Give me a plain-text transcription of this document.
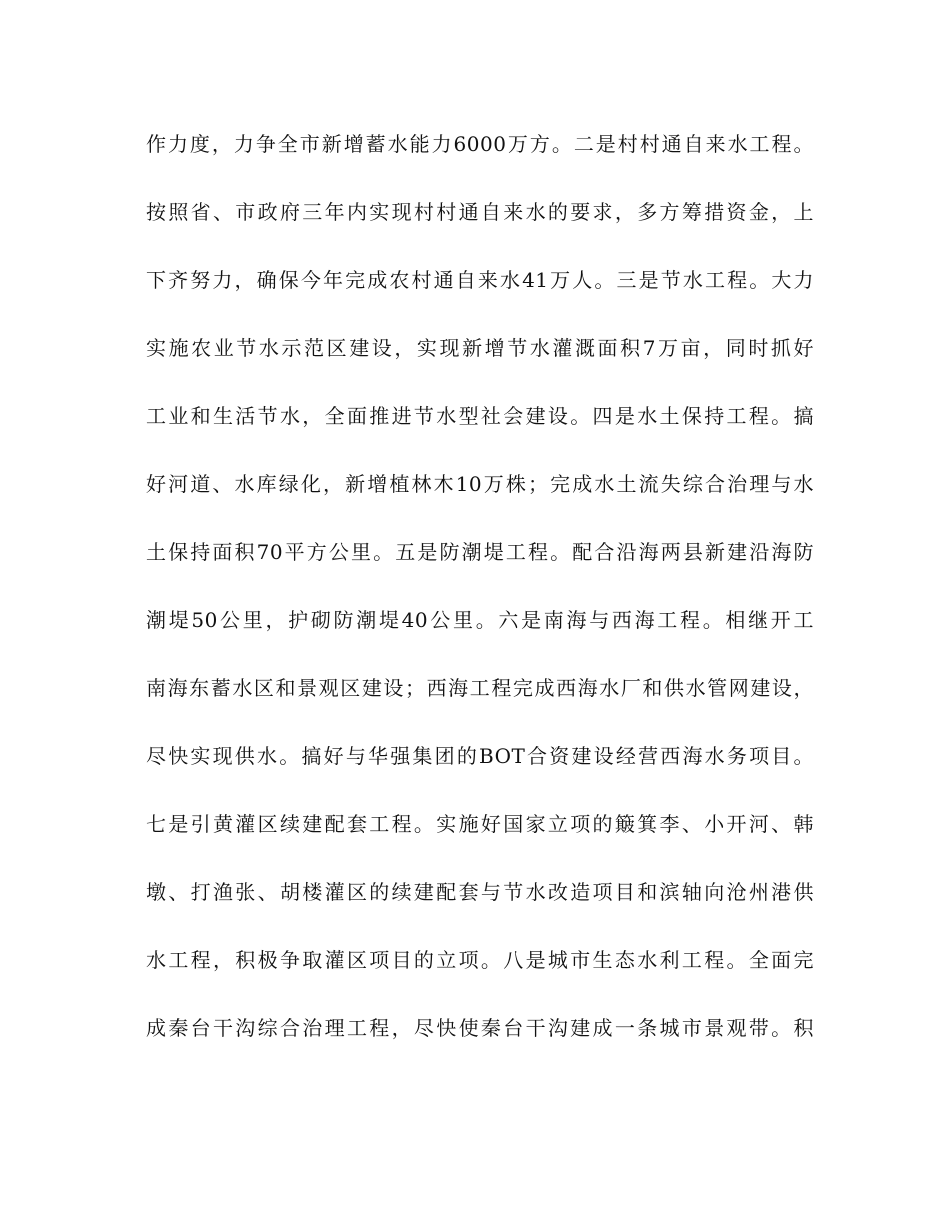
作力度，力争全市新增蓄水能力6000万方。二是村村通自来水工程。
按照省、市政府三年内实现村村通自来水的要求，多方筹措资金，上
下齐努力，确保今年完成农村通自来水41万人。三是节水工程。大力
实施农业节水示范区建设，实现新增节水灌溉面积7万亩，同时抓好
工业和生活节水，全面推进节水型社会建设。四是水土保持工程。搞
好河道、水库绿化，新增植林木10万株；完成水土流失综合治理与水
土保持面积70平方公里。五是防潮堤工程。配合沿海两县新建沿海防
潮堤50公里，护砌防潮堤40公里。六是南海与西海工程。相继开工
南海东蓄水区和景观区建设；西海工程完成西海水厂和供水管网建设，
尽快实现供水。搞好与华强集团的BOT合资建设经营西海水务项目。
七是引黄灌区续建配套工程。实施好国家立项的簸箕李、小开河、韩
墩、打渔张、胡楼灌区的续建配套与节水改造项目和滨轴向沧州港供
水工程，积极争取灌区项目的立项。八是城市生态水利工程。全面完
成秦台干沟综合治理工程，尽快使秦台干沟建成一条城市景观带。积
